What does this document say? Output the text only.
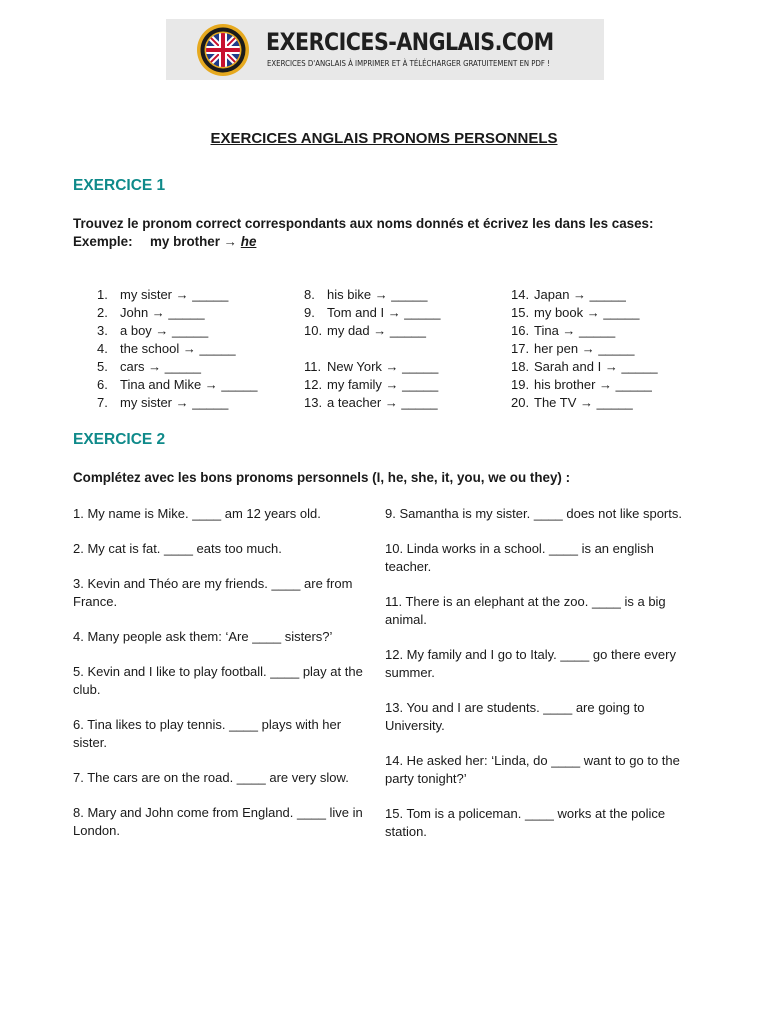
EXERCICES-ANGLAIS.COM
EXERCICES D'ANGLAIS À IMPRIMER ET À TÉLÉCHARGER GRATUITEMENT EN PDF !
EXERCICES ANGLAIS PRONOMS PERSONNELS
EXERCICE 1
Trouvez le pronom correct correspondants aux noms donnés et écrivez les dans les cases:
Exemple: my brother → he
1. my sister → _____
2. John → _____
3. a boy → _____
4. the school → _____
5. cars → _____
6. Tina and Mike → _____
7. my sister → _____
8. his bike → _____
9. Tom and I → _____
10. my dad → _____
11. New York → _____
12. my family → _____
13. a teacher → _____
14. Japan → _____
15. my book → _____
16. Tina → _____
17. her pen → _____
18. Sarah and I → _____
19. his brother → _____
20. The TV → _____
EXERCICE 2
Complétez avec les bons pronoms personnels (I, he, she, it, you, we ou they) :
1. My name is Mike. ____ am 12 years old.
2. My cat is fat. ____ eats too much.
3. Kevin and Théo are my friends. ____ are from France.
4. Many people ask them: ‘Are ____ sisters?’
5. Kevin and I like to play football. ____ play at the club.
6. Tina likes to play tennis. ____ plays with her sister.
7. The cars are on the road. ____ are very slow.
8. Mary and John come from England. ____ live in London.
9. Samantha is my sister. ____ does not like sports.
10. Linda works in a school. ____ is an english teacher.
11. There is an elephant at the zoo. ____ is a big animal.
12. My family and I go to Italy. ____ go there every summer.
13. You and I are students. ____ are going to University.
14. He asked her: ‘Linda, do ____ want to go to the party tonight?’
15. Tom is a policeman. ____ works at the police station.
